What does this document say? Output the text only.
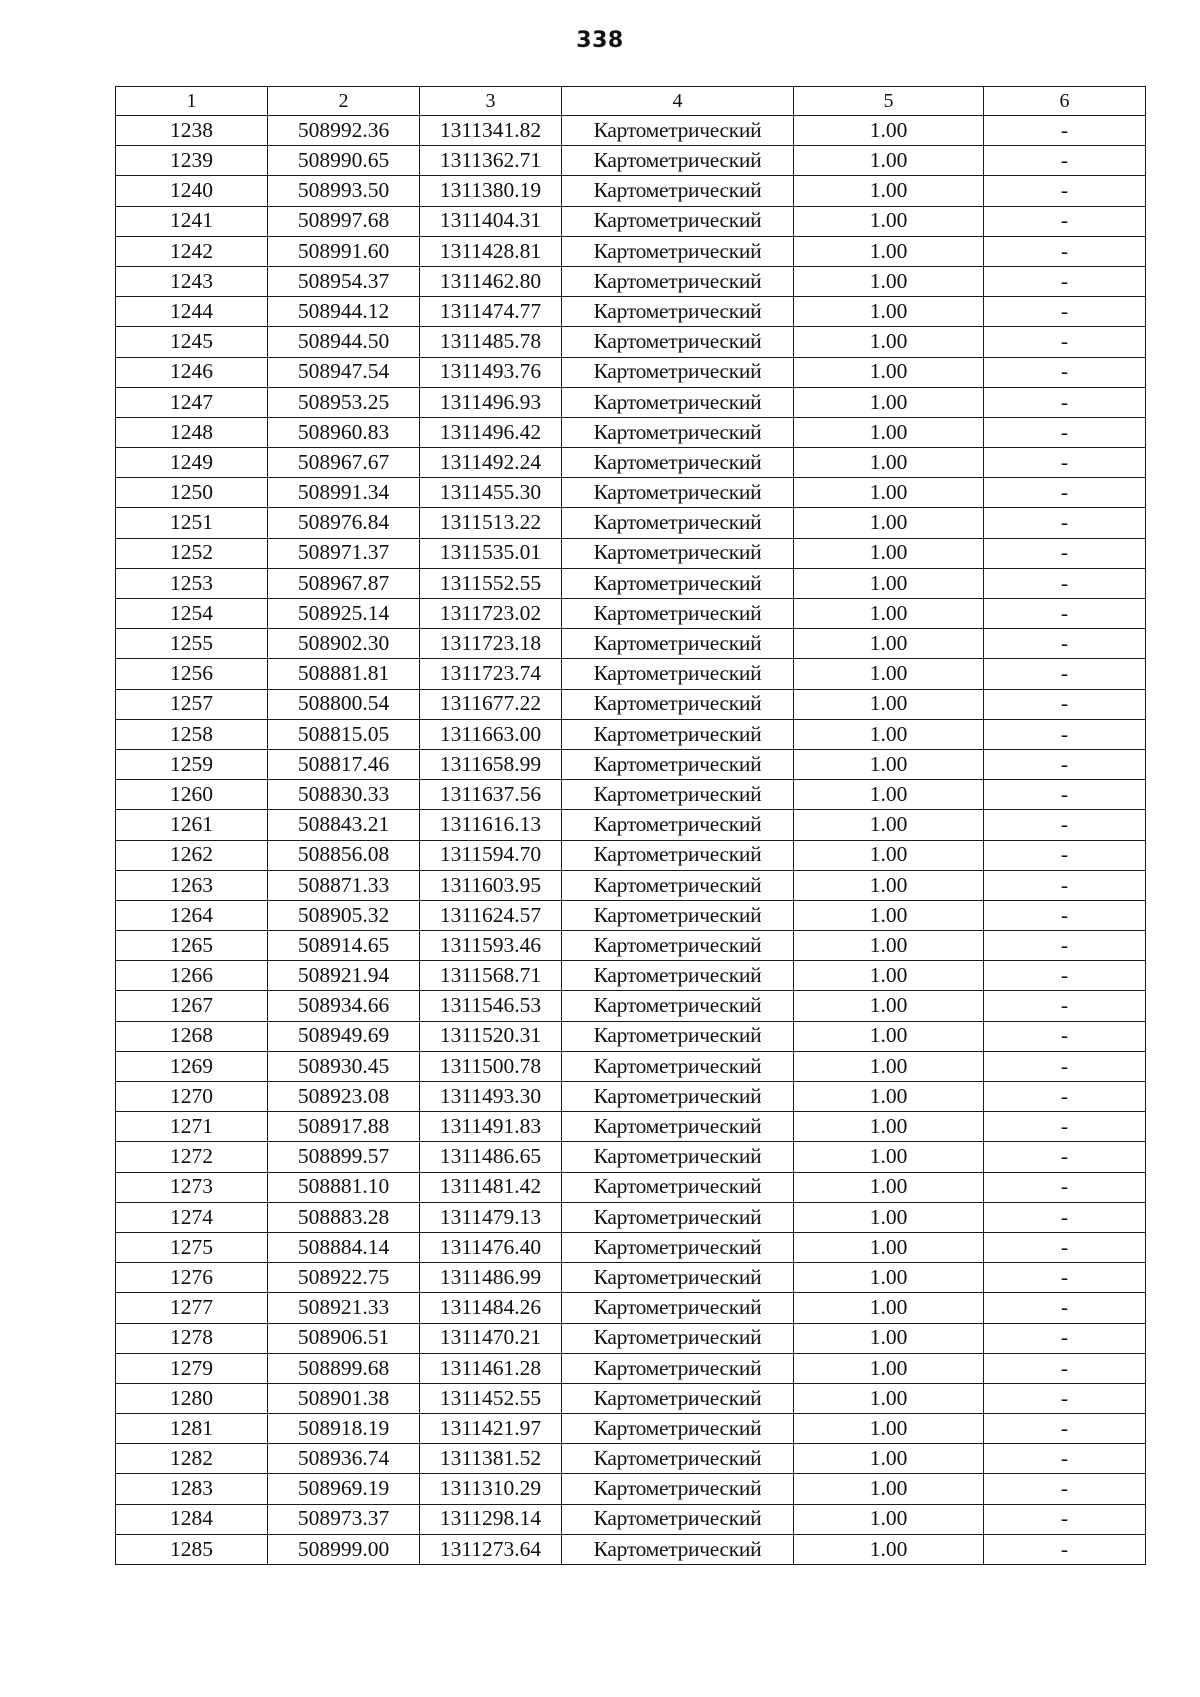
338
1	2	3	4	5	6
1238	508992.36	1311341.82	Картометрический	1.00	-
1239	508990.65	1311362.71	Картометрический	1.00	-
1240	508993.50	1311380.19	Картометрический	1.00	-
1241	508997.68	1311404.31	Картометрический	1.00	-
1242	508991.60	1311428.81	Картометрический	1.00	-
1243	508954.37	1311462.80	Картометрический	1.00	-
1244	508944.12	1311474.77	Картометрический	1.00	-
1245	508944.50	1311485.78	Картометрический	1.00	-
1246	508947.54	1311493.76	Картометрический	1.00	-
1247	508953.25	1311496.93	Картометрический	1.00	-
1248	508960.83	1311496.42	Картометрический	1.00	-
1249	508967.67	1311492.24	Картометрический	1.00	-
1250	508991.34	1311455.30	Картометрический	1.00	-
1251	508976.84	1311513.22	Картометрический	1.00	-
1252	508971.37	1311535.01	Картометрический	1.00	-
1253	508967.87	1311552.55	Картометрический	1.00	-
1254	508925.14	1311723.02	Картометрический	1.00	-
1255	508902.30	1311723.18	Картометрический	1.00	-
1256	508881.81	1311723.74	Картометрический	1.00	-
1257	508800.54	1311677.22	Картометрический	1.00	-
1258	508815.05	1311663.00	Картометрический	1.00	-
1259	508817.46	1311658.99	Картометрический	1.00	-
1260	508830.33	1311637.56	Картометрический	1.00	-
1261	508843.21	1311616.13	Картометрический	1.00	-
1262	508856.08	1311594.70	Картометрический	1.00	-
1263	508871.33	1311603.95	Картометрический	1.00	-
1264	508905.32	1311624.57	Картометрический	1.00	-
1265	508914.65	1311593.46	Картометрический	1.00	-
1266	508921.94	1311568.71	Картометрический	1.00	-
1267	508934.66	1311546.53	Картометрический	1.00	-
1268	508949.69	1311520.31	Картометрический	1.00	-
1269	508930.45	1311500.78	Картометрический	1.00	-
1270	508923.08	1311493.30	Картометрический	1.00	-
1271	508917.88	1311491.83	Картометрический	1.00	-
1272	508899.57	1311486.65	Картометрический	1.00	-
1273	508881.10	1311481.42	Картометрический	1.00	-
1274	508883.28	1311479.13	Картометрический	1.00	-
1275	508884.14	1311476.40	Картометрический	1.00	-
1276	508922.75	1311486.99	Картометрический	1.00	-
1277	508921.33	1311484.26	Картометрический	1.00	-
1278	508906.51	1311470.21	Картометрический	1.00	-
1279	508899.68	1311461.28	Картометрический	1.00	-
1280	508901.38	1311452.55	Картометрический	1.00	-
1281	508918.19	1311421.97	Картометрический	1.00	-
1282	508936.74	1311381.52	Картометрический	1.00	-
1283	508969.19	1311310.29	Картометрический	1.00	-
1284	508973.37	1311298.14	Картометрический	1.00	-
1285	508999.00	1311273.64	Картометрический	1.00	-
